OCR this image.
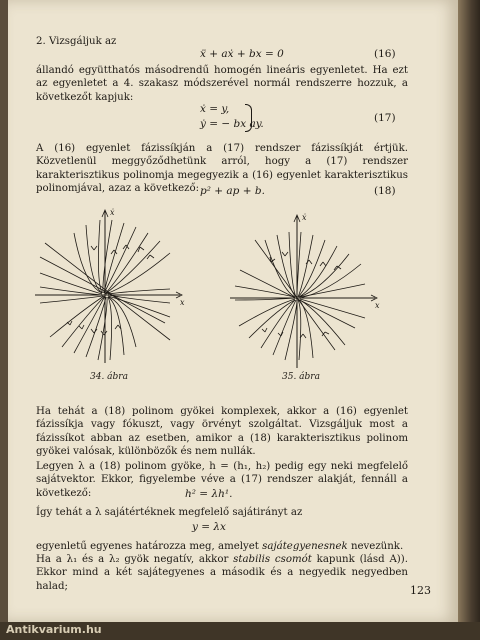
2. Vizsgáljuk az
ẍ + aẋ + bx = 0	(16)

állandó együtthatós másodrendű homogén lineáris egyenletet. Ha ezt az egyenletet a 4. szakasz módszerével normál rendszerre hozzuk, a következőt kapjuk:

ẋ = y,
ẏ = − bx ay.	(17)

A (16) egyenlet fázissíkján a (17) rendszer fázissíkját értjük. Közvetlenül meggyőződhetünk arról, hogy a (17) rendszer karakterisztikus polinomja megegyezik a (16) egyenlet karakterisztikus polinomjával, azaz a következő: p² + ap + b.	(18)
ẋ
x
34. ábra
ẋ
x
35. ábra

Ha tehát a (18) polinom gyökei komplexek, akkor a (16) egyenlet fázissíkja vagy fókuszt, vagy örvényt szolgáltat. Vizsgáljuk most a fázissíkot abban az esetben, amikor a (18) karakterisztikus polinom gyökei valósak, különbözők és nem nullák.

Legyen λ a (18) polinom gyöke, h = (h₁, h₂) pedig egy neki megfelelő sajátvektor. Ekkor, figyelembe véve a (17) rendszer alakját, fennáll a következő:	h² = λh¹.

Így tehát a λ sajátértéknek megfelelő sajátirányt az

y = λx

egyenletű egyenes határozza meg, amelyet sajátegyenesnek nevezünk.

Ha a λ₁ és a λ₂ gyök negatív, akkor stabilis csomót kapunk (lásd A)). Ekkor mind a két sajátegyenes a második és a negyedik negyedben halad;	123
Antikvarium.hu
